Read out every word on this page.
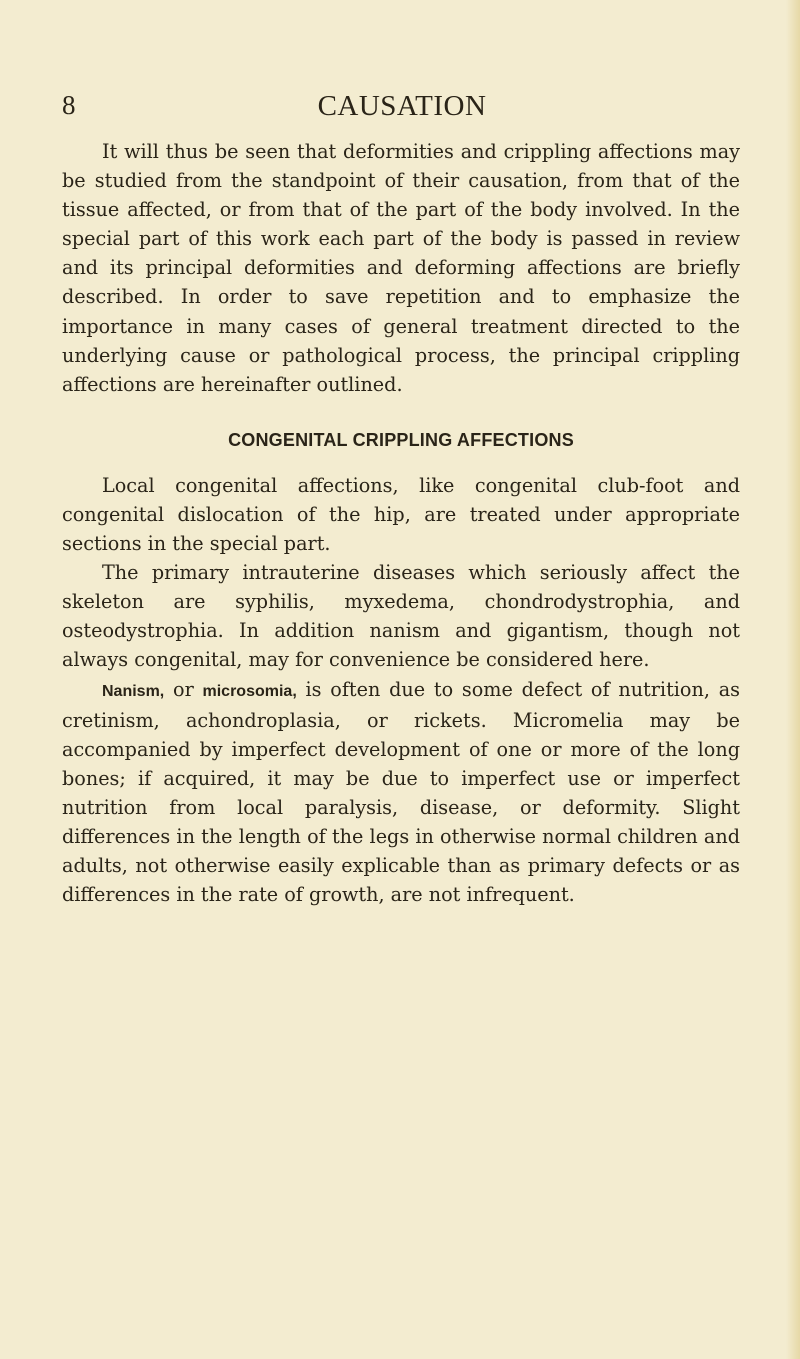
8	CAUSATION

It will thus be seen that deformities and crippling affections may be studied from the standpoint of their causation, from that of the tissue affected, or from that of the part of the body involved. In the special part of this work each part of the body is passed in review and its principal deformities and deforming affections are briefly described. In order to save repetition and to emphasize the importance in many cases of general treatment directed to the underlying cause or pathological process, the principal crippling affections are hereinafter outlined.

CONGENITAL CRIPPLING AFFECTIONS

Local congenital affections, like congenital club-foot and congenital dislocation of the hip, are treated under appropriate sections in the special part.

The primary intrauterine diseases which seriously affect the skeleton are syphilis, myxedema, chondrodystrophia, and osteodystrophia. In addition nanism and gigantism, though not always congenital, may for convenience be considered here.

Nanism, or microsomia, is often due to some defect of nutrition, as cretinism, achondroplasia, or rickets. Micromelia may be accompanied by imperfect development of one or more of the long bones; if acquired, it may be due to imperfect use or imperfect nutrition from local paralysis, disease, or deformity. Slight differences in the length of the legs in otherwise normal children and adults, not otherwise easily explicable than as primary defects or as differences in the rate of growth, are not infrequent.
